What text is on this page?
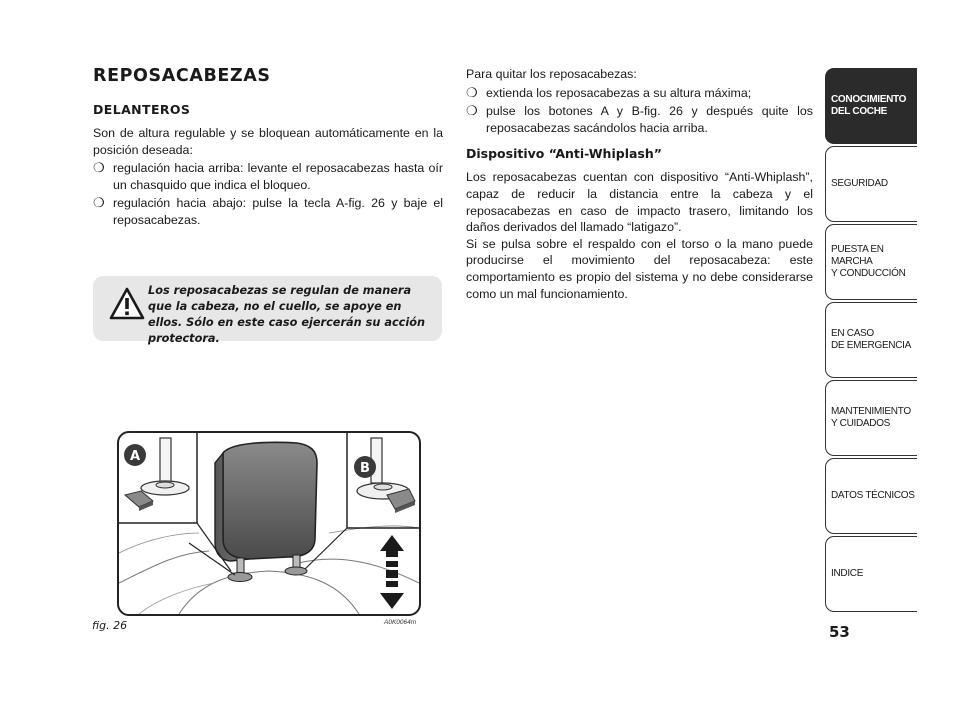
REPOSACABEZAS
DELANTEROS

Son de altura regulable y se bloquean automáticamente en la posición deseada:

❍ regulación hacia arriba: levante el reposacabezas hasta oír un chasquido que indica el bloqueo.
❍ regulación hacia abajo: pulse la tecla A-fig. 26 y baje el reposacabezas.
Los reposacabezas se regulan de manera que la cabeza, no el cuello, se apoye en ellos. Sólo en este caso ejercerán su acción protectora.
A
B
fig. 26	A0K0064m

Para quitar los reposacabezas:

❍ extienda los reposacabezas a su altura máxima;
❍ pulse los botones A y B-fig. 26 y después quite los reposacabezas sacándolos hacia arriba.
Dispositivo “Anti-Whiplash”

Los reposacabezas cuentan con dispositivo “Anti-Whiplash”, capaz de reducir la distancia entre la cabeza y el reposacabezas en caso de impacto trasero, limitando los daños derivados del llamado “latigazo”.

Si se pulsa sobre el respaldo con el torso o la mano puede producirse el movimiento del reposacabeza: este comportamiento es propio del sistema y no debe considerarse como un mal funcionamiento.

CONOCIMIENTO
DEL COCHE
SEGURIDAD
PUESTA EN MARCHA
Y CONDUCCIÓN
EN CASO
DE EMERGENCIA
MANTENIMIENTO
Y CUIDADOS
DATOS TÉCNICOS
INDICE
53
